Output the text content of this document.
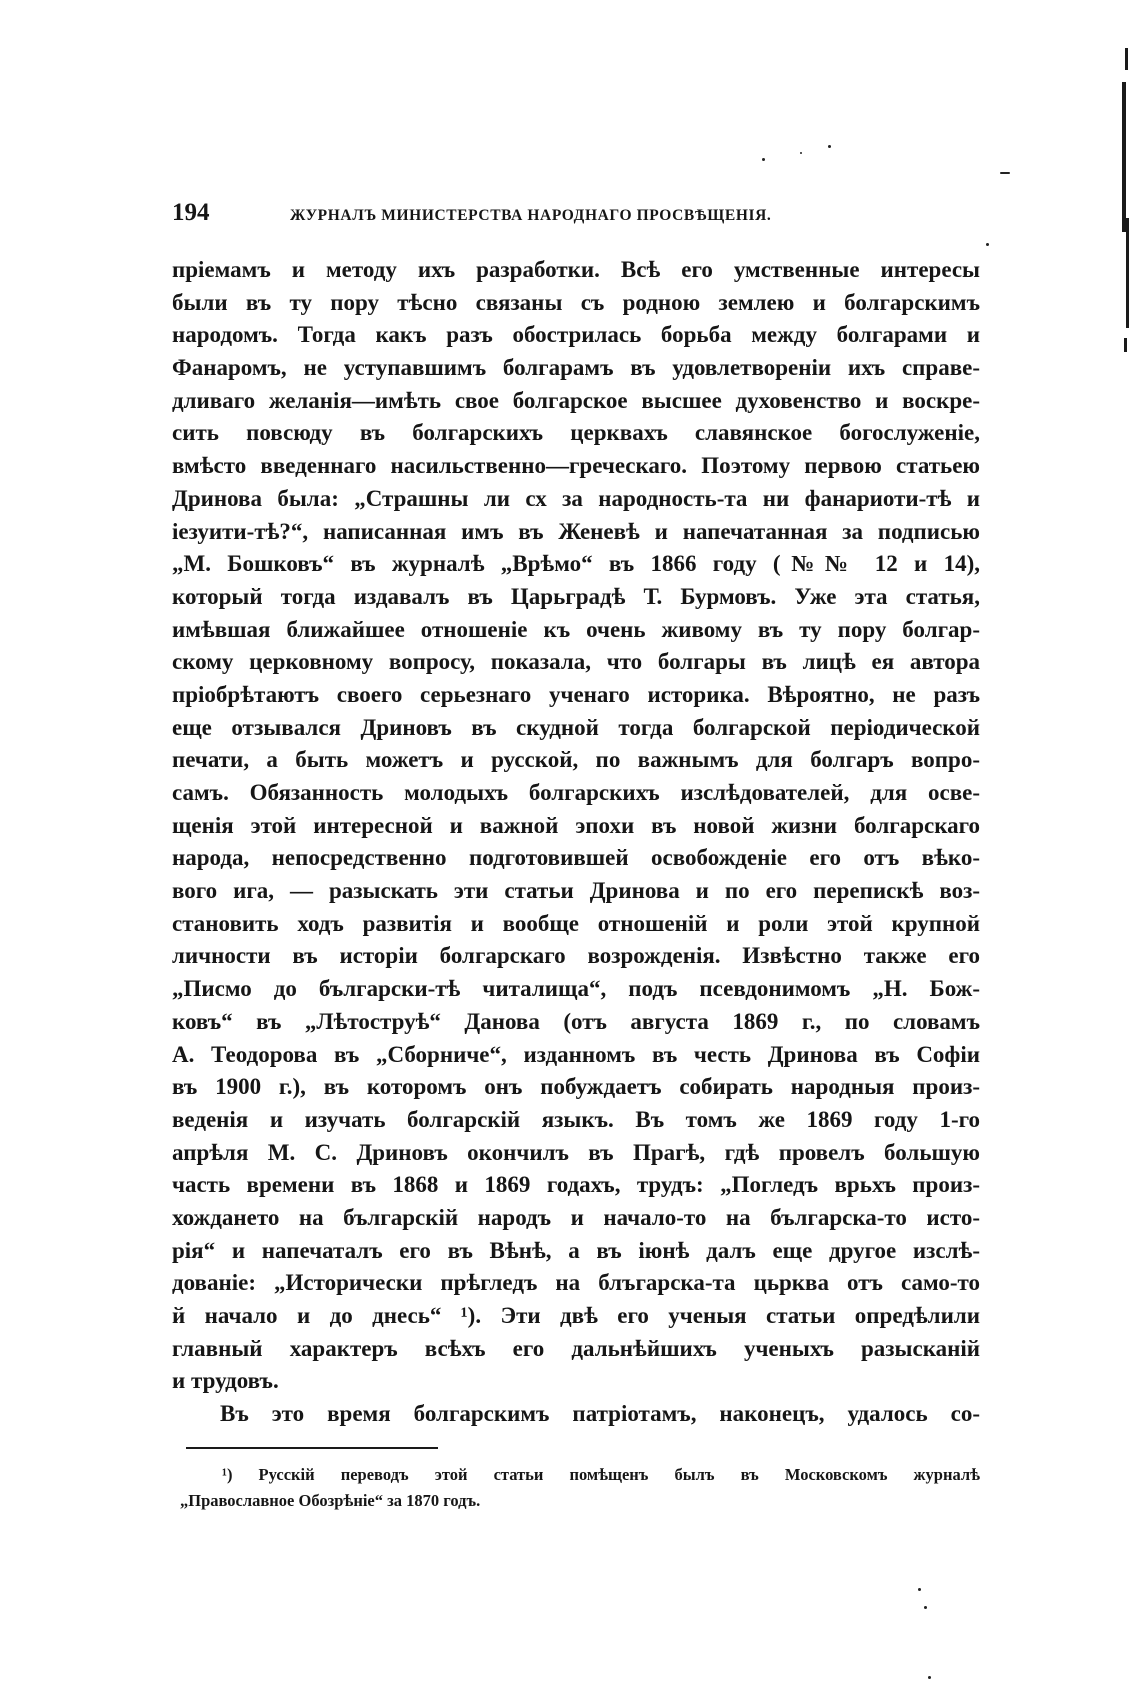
194	ЖУРНАЛЪ МИНИСТЕРСТВА НАРОДНАГО ПРОСВѢЩЕНІЯ.
пріемамъ и методу ихъ разработки. Всѣ его умственные интересы
были въ ту пору тѣсно связаны съ родною землею и болгарскимъ
народомъ. Тогда какъ разъ обострилась борьба между болгарами и
Фанаромъ, не уступавшимъ болгарамъ въ удовлетвореніи ихъ справе-
дливаго желанія—имѣть свое болгарское высшее духовенство и воскре-
сить повсюду въ болгарскихъ церквахъ славянское богослуженіе,
вмѣсто введеннаго насильственно—греческаго. Поэтому первою статьею
Дринова была: „Страшны ли сх за народность-та ни фанариоти-тѣ и
iезуити-тѣ?“, написанная имъ въ Женевѣ и напечатанная за подписью
„М. Бошковъ“ въ журналѣ „Врѣмо“ въ 1866 году (№№ 12 и 14),
который тогда издавалъ въ Царьградѣ Т. Бурмовъ. Уже эта статья,
имѣвшая ближайшее отношеніе къ очень живому въ ту пору болгар-
скому церковному вопросу, показала, что болгары въ лицѣ ея автора
пріобрѣтаютъ своего серьезнаго ученаго историка. Вѣроятно, не разъ
еще отзывался Дриновъ въ скудной тогда болгарской періодической
печати, а быть можетъ и русской, по важнымъ для болгаръ вопро-
самъ. Обязанность молодыхъ болгарскихъ изслѣдователей, для осве-
щенія этой интересной и важной эпохи въ новой жизни болгарскаго
народа, непосредственно подготовившей освобожденіе его отъ вѣко-
вого ига, — разыскать эти статьи Дринова и по его перепискѣ воз-
становить ходъ развитія и вообще отношеній и роли этой крупной
личности въ исторіи болгарскаго возрожденія. Извѣстно также его
„Писмо до български-тѣ читалища“, подъ псевдонимомъ „Н. Бож-
ковъ“ въ „Лѣтоструѣ“ Данова (отъ августа 1869 г., по словамъ
А. Теодорова въ „Сборниче“, изданномъ въ честь Дринова въ Софіи
въ 1900 г.), въ которомъ онъ побуждаетъ собирать народныя произ-
веденія и изучать болгарскій языкъ. Въ томъ же 1869 году 1-го
апрѣля М. С. Дриновъ окончилъ въ Прагѣ, гдѣ провелъ большую
часть времени въ 1868 и 1869 годахъ, трудъ: „Погледъ врьхъ произ-
хождането на българскiй народъ и начало-то на българска-то исто-
рія“ и напечаталъ его въ Вѣнѣ, а въ іюнѣ далъ еще другое изслѣ-
дованіе: „Исторически прѣгледъ на блъгарска-та цьрква отъ само-то
й начало и до днесь“ ¹). Эти двѣ его ученыя статьи опредѣлили
главный характеръ всѣхъ его дальнѣйшихъ ученыхъ разысканій
и трудовъ.
Въ это время болгарскимъ патріотамъ, наконецъ, удалось со-
¹) Русскій переводъ этой статьи помѣщенъ былъ въ Московскомъ журналѣ
„Православное Обозрѣніе“ за 1870 годъ.
